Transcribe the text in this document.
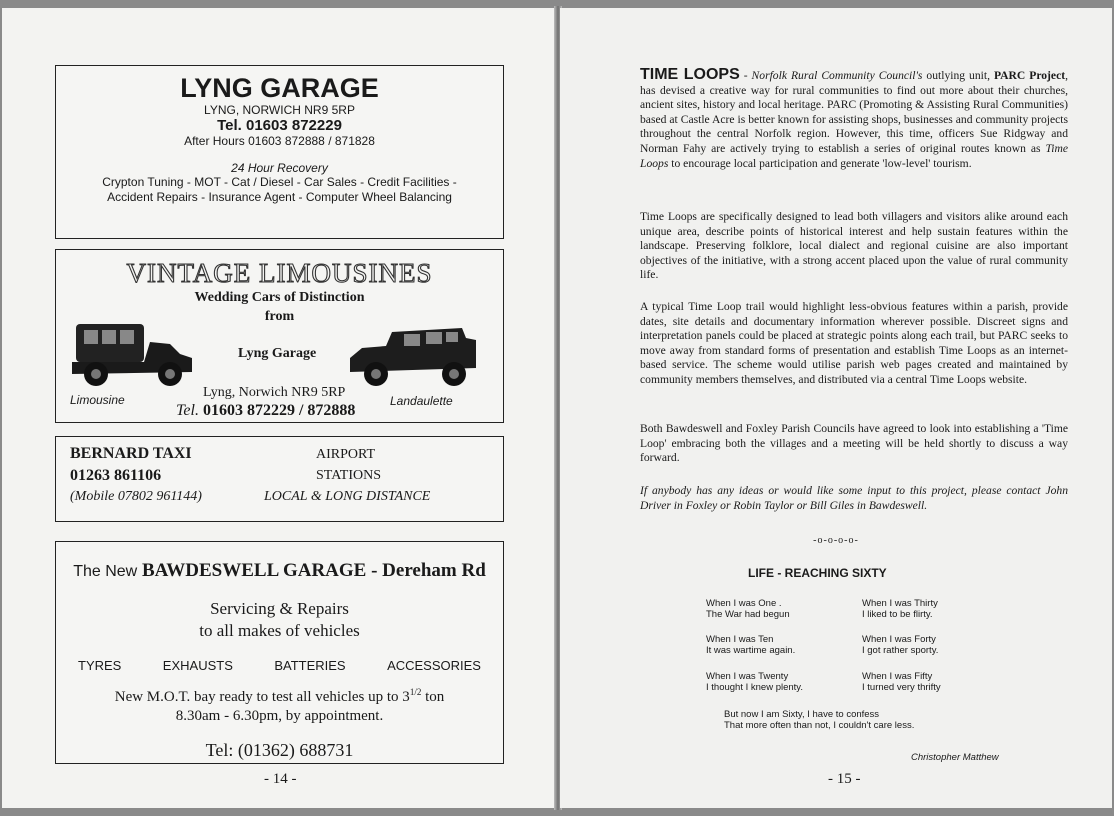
LYNG GARAGE
LYNG, NORWICH NR9 5RP
Tel. 01603 872229
After Hours 01603 872888 / 871828
24 Hour Recovery
Crypton Tuning - MOT - Cat / Diesel - Car Sales - Credit Facilities -
Accident Repairs - Insurance Agent - Computer Wheel Balancing
VINTAGE LIMOUSINES
Wedding Cars of Distinction
from
Lyng Garage
Limousine	Lyng, Norwich NR9 5RP
Tel. 01603 872229 / 872888
Landaulette
BERNARD TAXI
01263 861106
(Mobile 07802 961144)
AIRPORT
STATIONS
LOCAL & LONG DISTANCE
The New BAWDESWELL GARAGE - Dereham Rd
Servicing & Repairs
to all makes of vehicles
TYRES	EXHAUSTS	BATTERIES	ACCESSORIES
New M.O.T. bay ready to test all vehicles up to $3^{1/2}$ ton
8.30am - 6.30pm, by appointment.
Tel: (01362) 688731
- 14 -
TIME LOOPS - Norfolk Rural Community Council's outlying unit, PARC Project, has devised a creative way for rural communities to find out more about their churches, ancient sites, history and local heritage. PARC (Promoting & Assisting Rural Communities) based at Castle Acre is better known for assisting shops, businesses and community projects throughout the central Norfolk region. However, this time, officers Sue Ridgway and Norman Fahy are actively trying to establish a series of original routes known as Time Loops to encourage local participation and generate 'low-level' tourism.
Time Loops are specifically designed to lead both villagers and visitors alike around each unique area, describe points of historical interest and help sustain features within the landscape. Preserving folklore, local dialect and regional cuisine are also important objectives of the initiative, with a strong accent placed upon the value of rural community life.
A typical Time Loop trail would highlight less-obvious features within a parish, provide dates, site details and documentary information wherever possible. Discreet signs and interpretation panels could be placed at strategic points along each trail, but PARC seeks to move away from standard forms of presentation and establish Time Loops as an internet-based service. The scheme would utilise parish web pages created and maintained by community members themselves, and distributed via a central Time Loops website.
Both Bawdeswell and Foxley Parish Councils have agreed to look into establishing a 'Time Loop' embracing both the villages and a meeting will be held shortly to discuss a way forward.
If anybody has any ideas or would like some input to this project, please contact John Driver in Foxley or Robin Taylor or Bill Giles in Bawdeswell.
-o-o-o-o-
LIFE - REACHING SIXTY
When I was One .
The War had begun
When I was Thirty
I liked to be flirty.
When I was Ten
It was wartime again.
When I was Forty
I got rather sporty.
When I was Twenty
I thought I knew plenty.
When I was Fifty
I turned very thrifty
But now I am Sixty, I have to confess
That more often than not, I couldn't care less.
Christopher Matthew
- 15 -
